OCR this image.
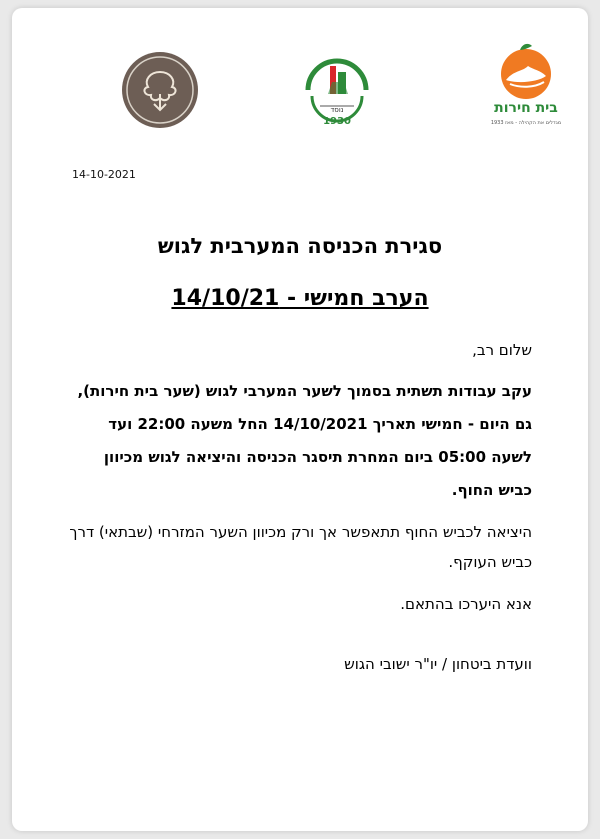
נוסד
1930
בית חירות
מגדלים את הקהילה - מאז 1933
14-10-2021
סגירת הכניסה המערבית לגוש
הערב חמישי - 14/10/21

שלום רב,

עקב עבודות תשתית בסמוך לשער המערבי לגוש (שער בית חירות), גם היום - חמישי תאריך 14/10/2021 החל משעה 22:00 ועד לשעה 05:00 ביום המחרת תיסגר הכניסה והיציאה לגוש מכיוון כביש החוף.

היציאה לכביש החוף תתאפשר אך ורק מכיוון השער המזרחי (שבתאי) דרך כביש העוקף.

אנא היערכו בהתאם.

וועדת ביטחון / יו"ר ישובי הגוש
